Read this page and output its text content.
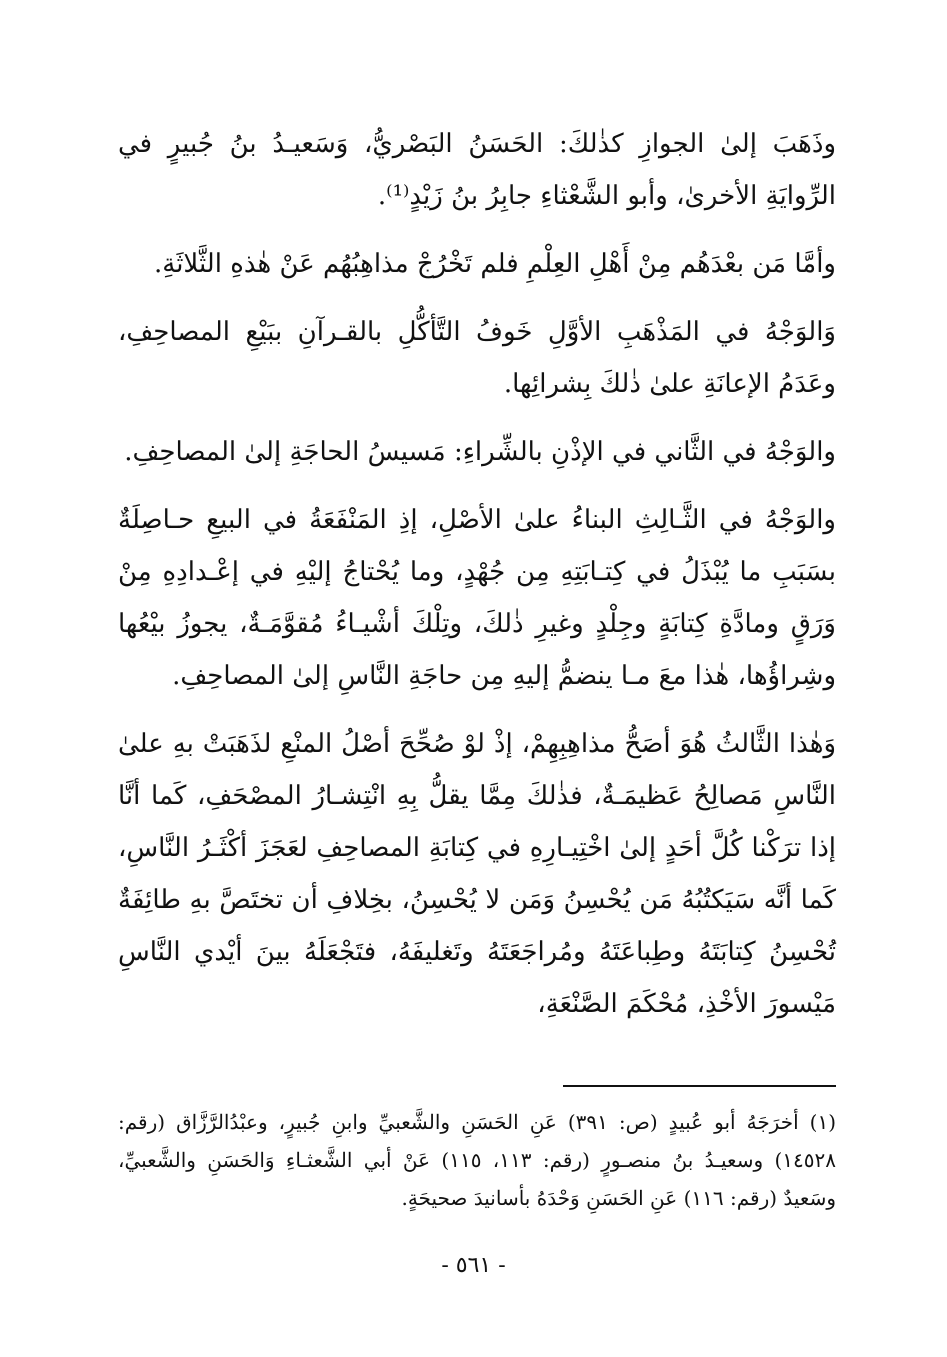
وذَهَبَ إلىٰ الجوازِ كذٰلكَ: الحَسَنُ البَصْريُّ، وَسَعيـدُ بنُ جُبيرٍ في الرِّوايَةِ الأخرىٰ، وأبو الشَّعْثاءِ جابِرُ بنُ زَيْدٍ⁽¹⁾.

وأمَّا مَن بعْدَهُم مِنْ أَهْلِ العِلْمِ فلم تَخْرُجْ مذاهِبُهُم عَنْ هٰذهِ الثَّلاثَةِ.

وَالوَجْهُ في المَذْهَبِ الأوَّلِ خَوفُ التَّأكُّلِ بالقـرآنِ ببَيْعِ المصاحِفِ، وعَدَمُ الإعانَةِ علىٰ ذٰلكَ بِشرائِها.

والوَجْهُ في الثَّاني في الإذْنِ بالشِّراءِ: مَسيسُ الحاجَةِ إلىٰ المصاحِفِ.

والوَجْهُ في الثَّـالِثِ البناءُ علىٰ الأصْلِ، إذِ المَنْفَعَةُ في البيعِ حـاصِلَةٌ بسَبَبِ ما يُبْذَلُ في كِتـابَتِهِ مِن جُهْدٍ، وما يُحْتاجُ إليْهِ في إعْـدادِهِ مِنْ وَرَقٍ ومادَّةِ كِتابَةٍ وجِلْدٍ وغيرِ ذٰلكَ، وتِلْكَ أشْيـاءُ مُقوَّمَـةٌ، يجوزُ بيْعُها وشِراؤُها، هٰذا معَ مـا ينضمُّ إليهِ مِن حاجَةِ النَّاسِ إلىٰ المصاحِفِ.

وَهٰذا الثَّالثُ هُوَ أصَحُّ مذاهِبِهِمْ، إذْ لوْ صُحِّحَ أصْلُ المنْعِ لذَهَبَتْ بهِ علىٰ النَّاسِ مَصالِحُ عَظيمَـةٌ، فذٰلكَ مِمَّا يقلُّ بِهِ انْتِشـارُ المصْحَفِ، كَما أنَّا إذا ترَكْنا كُلَّ أحَدٍ إلىٰ اخْتِيـارِهِ في كِتابَةِ المصاحِفِ لعَجَزَ أكْثَـرُ النَّاسِ، كَما أنَّه سَيَكتُبُهُ مَن يُحْسِنُ وَمَن لا يُحْسِنُ، بخِلافِ أن تختَصَّ بهِ طائِفَةٌ تُحْسِنُ كِتابَتَهُ وطِباعَتَهُ ومُراجَعَتَهُ وتَغليفَهُ، فتَجْعَلَهُ بينَ أيْدي النَّاسِ مَيْسورَ الأخْذِ، مُحْكَمَ الصَّنْعَةِ،

(١) أخرَجَهُ أبو عُبيدٍ (ص: ٣٩١) عَنِ الحَسَنِ والشَّعبيِّ وابنِ جُبيرٍ، وعبْدُالرَّزَّاق (رقم: ١٤٥٢٨) وسعيـدُ بنُ منصـورٍ (رقم: ١١٣، ١١٥) عَنْ أبي الشَّعثـاءِ وَالحَسَنِ والشَّعبيِّ، وسَعيدٌ (رقم: ١١٦) عَنِ الحَسَنِ وَحْدَهُ بأسانيدَ صحيحَةٍ.

- ٥٦١ -
